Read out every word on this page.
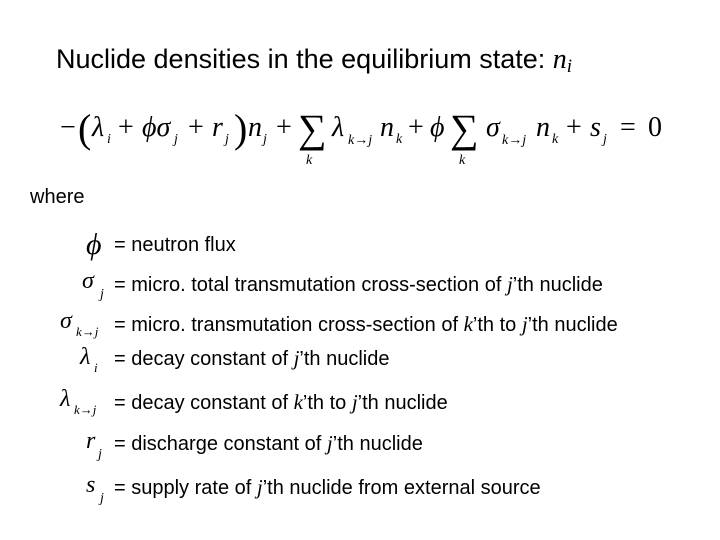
Nuclide densities in the equilibrium state: $n_i$
− ( λ i + ϕσ j + r j ) n j + ∑
k
λ k→j n k + ϕ ∑
k
σ k→j n k + s j = 0
where
ϕ = neutron flux
σ
j = micro. total transmutation cross-section of j’th nuclide
σ k→j = micro. transmutation cross-section of k’th to j’th nuclide
λ i = decay constant of j’th nuclide
λ k→j = decay constant of k’th to j’th nuclide
r
j = discharge constant of j’th nuclide
s
j = supply rate of j’th nuclide from external source
